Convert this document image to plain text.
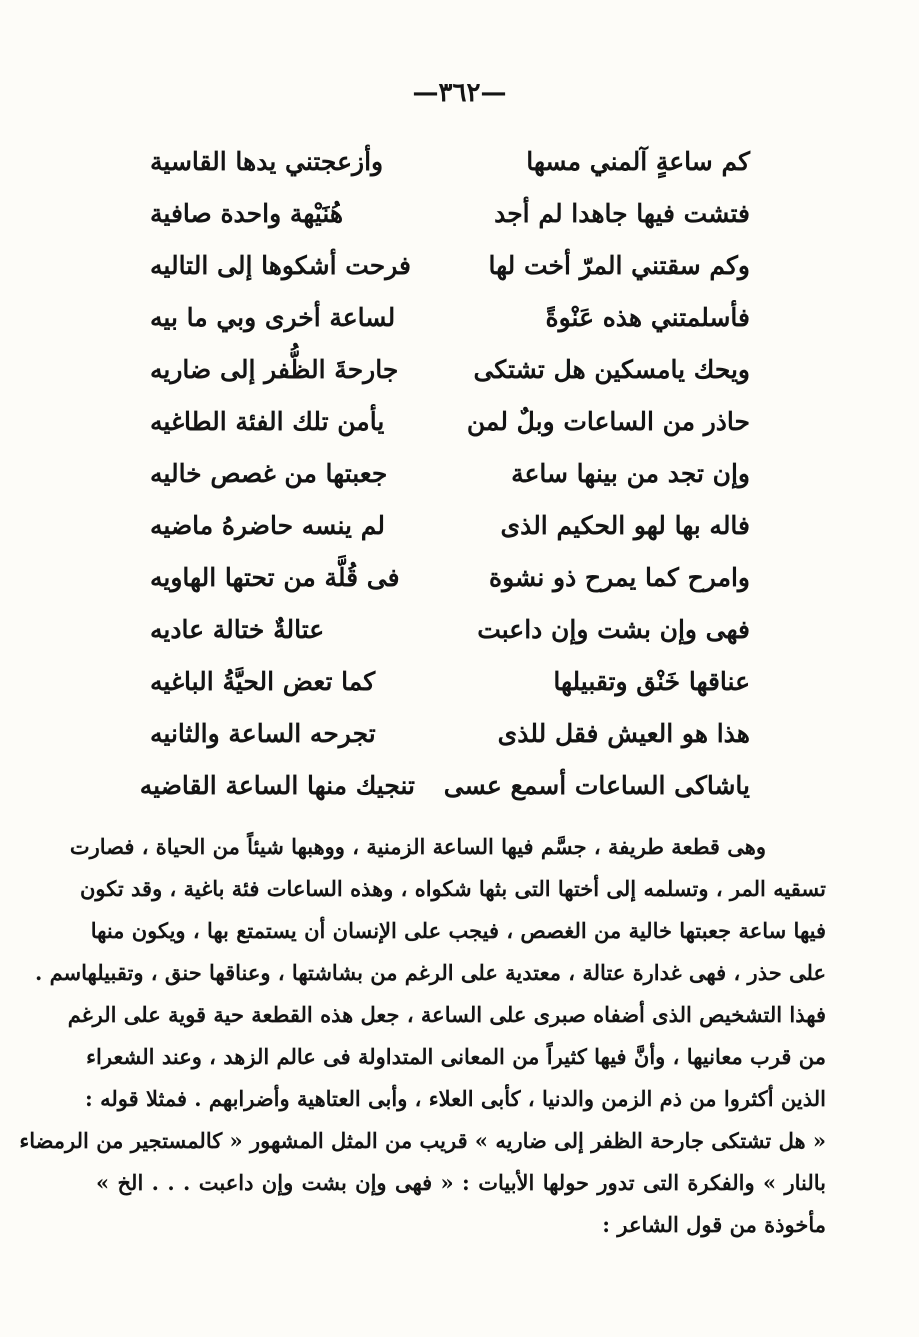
—٣٦٢—
كم ساعةٍ آلمني مسها
وأزعجتني يدها القاسية
فتشت فيها جاهدا لم أجد
هُنَيْهة واحدة صافية
وكم سقتني المرّ أخت لها
فرحت أشكوها إلى التاليه
فأسلمتني هذه عَنْوةً
لساعة أخرى وبي ما بيه
ويحك يامسكين هل تشتكى
جارحةَ الظُّفر إلى ضاريه
حاذر من الساعات وبلٌ لمن
يأمن تلك الفئة الطاغيه
وإن تجد من بينها ساعة
جعبتها من غصص خاليه
فاله بها لهو الحكيم الذى
لم ينسه حاضرهُ ماضيه
وامرح كما يمرح ذو نشوة
فى قُلَّة من تحتها الهاويه
فهى وإن بشت وإن داعبت
عتالةٌ ختالة عاديه
عناقها خَنْق وتقبيلها
كما تعض الحيَّةُ الباغيه
هذا هو العيش فقل للذى
تجرحه الساعة والثانيه
ياشاكى الساعات أسمع عسى
تنجيك منها الساعة القاضيه
وهى قطعة طريفة ، جسَّم فيها الساعة الزمنية ، ووهبها شيئاً من الحياة ، فصارت
تسقيه المر ، وتسلمه إلى أختها التى بثها شكواه ، وهذه الساعات فئة باغية ، وقد تكون
فيها ساعة جعبتها خالية من الغصص ، فيجب على الإنسان أن يستمتع بها ، ويكون منها
على حذر ، فهى غدارة عتالة ، معتدية على الرغم من بشاشتها ، وعناقها حنق ، وتقبيلهاسم .
فهذا التشخيص الذى أضفاه صبرى على الساعة ، جعل هذه القطعة حية قوية على الرغم
من قرب معانيها ، وأنَّ فيها كثيراً من المعانى المتداولة فى عالم الزهد ، وعند الشعراء
الذين أكثروا من ذم الزمن والدنيا ، كأبى العلاء ، وأبى العتاهية وأضرابهم . فمثلا قوله :
« هل تشتكى جارحة الظفر إلى ضاريه » قريب من المثل المشهور « كالمستجير من الرمضاء
بالنار » والفكرة التى تدور حولها الأبيات : « فهى وإن بشت وإن داعبت . . . الخ »
مأخوذة من قول الشاعر :
